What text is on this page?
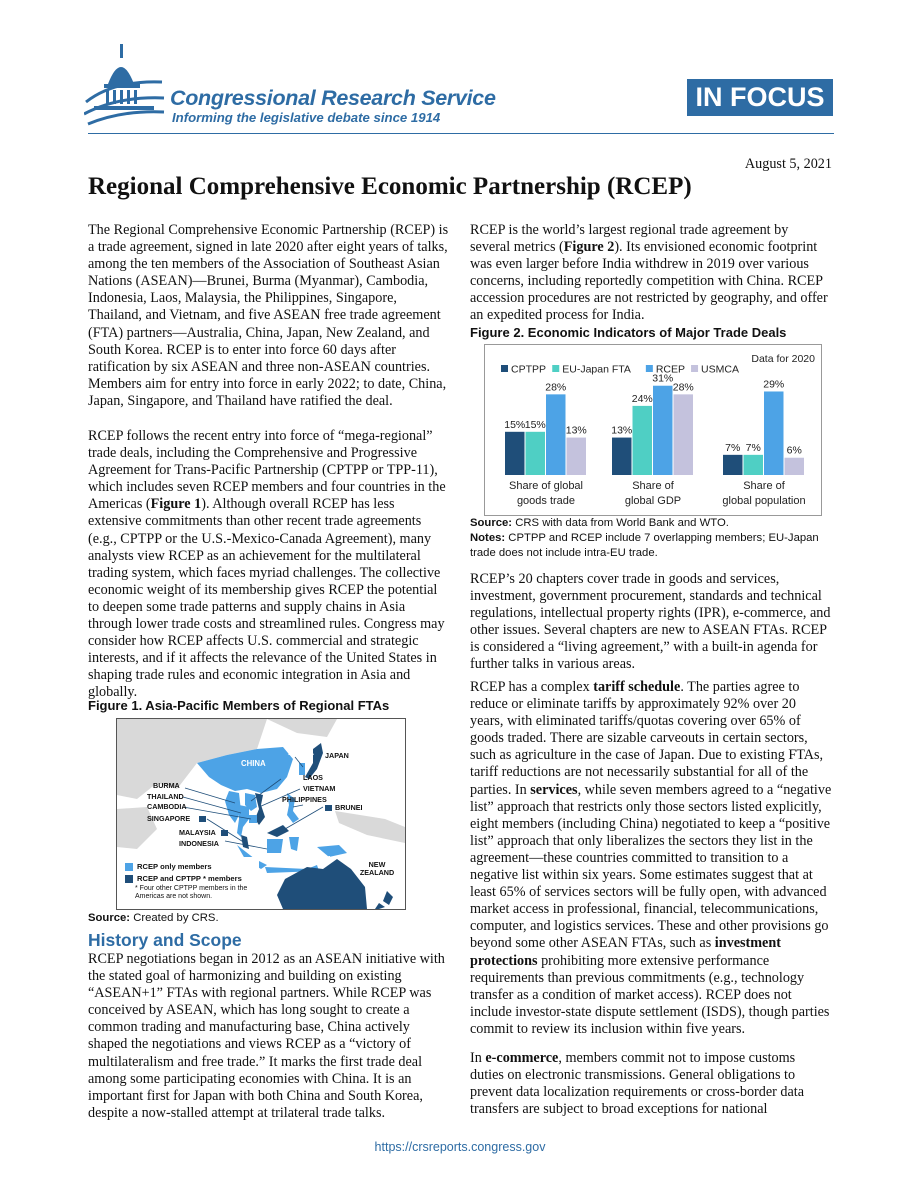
Congressional Research Service
Informing the legislative debate since 1914
IN FOCUS
August 5, 2021
Regional Comprehensive Economic Partnership (RCEP)

The Regional Comprehensive Economic Partnership (RCEP) is a trade agreement, signed in late 2020 after eight years of talks, among the ten members of the Association of Southeast Asian Nations (ASEAN)—Brunei, Burma (Myanmar), Cambodia, Indonesia, Laos, Malaysia, the Philippines, Singapore, Thailand, and Vietnam, and five ASEAN free trade agreement (FTA) partners—Australia, China, Japan, New Zealand, and South Korea. RCEP is to enter into force 60 days after ratification by six ASEAN and three non-ASEAN countries. Members aim for entry into force in early 2022; to date, China, Japan, Singapore, and Thailand have ratified the deal.

RCEP follows the recent entry into force of “mega-regional” trade deals, including the Comprehensive and Progressive Agreement for Trans-Pacific Partnership (CPTPP or TPP-11), which includes seven RCEP members and four countries in the Americas (Figure 1). Although overall RCEP has less extensive commitments than other recent trade agreements (e.g., CPTPP or the U.S.-Mexico-Canada Agreement), many analysts view RCEP as an achievement for the multilateral trading system, which faces myriad challenges. The collective economic weight of its membership gives RCEP the potential to deepen some trade patterns and supply chains in Asia through lower trade costs and streamlined rules. Congress may consider how RCEP affects U.S. commercial and strategic interests, and if it affects the relevance of the United States in shaping trade rules and economic integration in Asia and globally.

Figure 1. Asia-Pacific Members of Regional FTAs
SOUTH KOREA	JAPAN
CHINA
LAOS
BURMA	VIETNAM
THAILAND	PHILIPPINES
CAMBODIA	BRUNEI
SINGAPORE
MALAYSIA
INDONESIA
AUSTRALIA
NEW ZEALAND
RCEP only members
RCEP and CPTPP * members
* Four other CPTPP members in the Americas are not shown.
Source: Created by CRS.
History and Scope

RCEP negotiations began in 2012 as an ASEAN initiative with the stated goal of harmonizing and building on existing “ASEAN+1” FTAs with regional partners. While RCEP was conceived by ASEAN, which has long sought to create a common trading and manufacturing base, China actively shaped the negotiations and views RCEP as a “victory of multilateralism and free trade.” It marks the first trade deal among some participating economies with China. It is an important first for Japan with both China and South Korea, despite a now-stalled attempt at trilateral trade talks.

RCEP is the world’s largest regional trade agreement by several metrics (Figure 2). Its envisioned economic footprint was even larger before India withdrew in 2019 over various concerns, including reportedly competition with China. RCEP accession procedures are not restricted by geography, and offer an expedited process for India.

Figure 2. Economic Indicators of Major Trade Deals
Data for 2020
CPTPP EU-Japan FTA RCEP USMCA
15% 15%
28%
13%
Share of global
goods trade
13%
24%
31%
28%
Share of
global GDP
7% 7%
29%
6%
Share of
global population
Source: CRS with data from World Bank and WTO.
Notes: CPTPP and RCEP include 7 overlapping members; EU-Japan trade does not include intra-EU trade.

RCEP’s 20 chapters cover trade in goods and services, investment, government procurement, standards and technical regulations, intellectual property rights (IPR), e-commerce, and other issues. Several chapters are new to ASEAN FTAs. RCEP is considered a “living agreement,” with a built-in agenda for further talks in various areas.

RCEP has a complex tariff schedule. The parties agree to reduce or eliminate tariffs by approximately 92% over 20 years, with eliminated tariffs/quotas covering over 65% of goods traded. There are sizable carveouts in certain sectors, such as agriculture in the case of Japan. Due to existing FTAs, tariff reductions are not necessarily substantial for all of the parties. In services, while seven members agreed to a “negative list” approach that restricts only those sectors listed explicitly, eight members (including China) negotiated to keep a “positive list” approach that only liberalizes the sectors they list in the agreement—these countries committed to transition to a negative list within six years. Some estimates suggest that at least 65% of services sectors will be fully open, with advanced market access in professional, financial, telecommunications, computer, and logistics services. These and other provisions go beyond some other ASEAN FTAs, such as investment protections prohibiting more extensive performance requirements than previous commitments (e.g., technology transfer as a condition of market access). RCEP does not include investor-state dispute settlement (ISDS), though parties commit to review its inclusion within five years.

In e-commerce, members commit not to impose customs duties on electronic transmissions. General obligations to prevent data localization requirements or cross-border data transfers are subject to broad exceptions for national

https://crsreports.congress.gov
